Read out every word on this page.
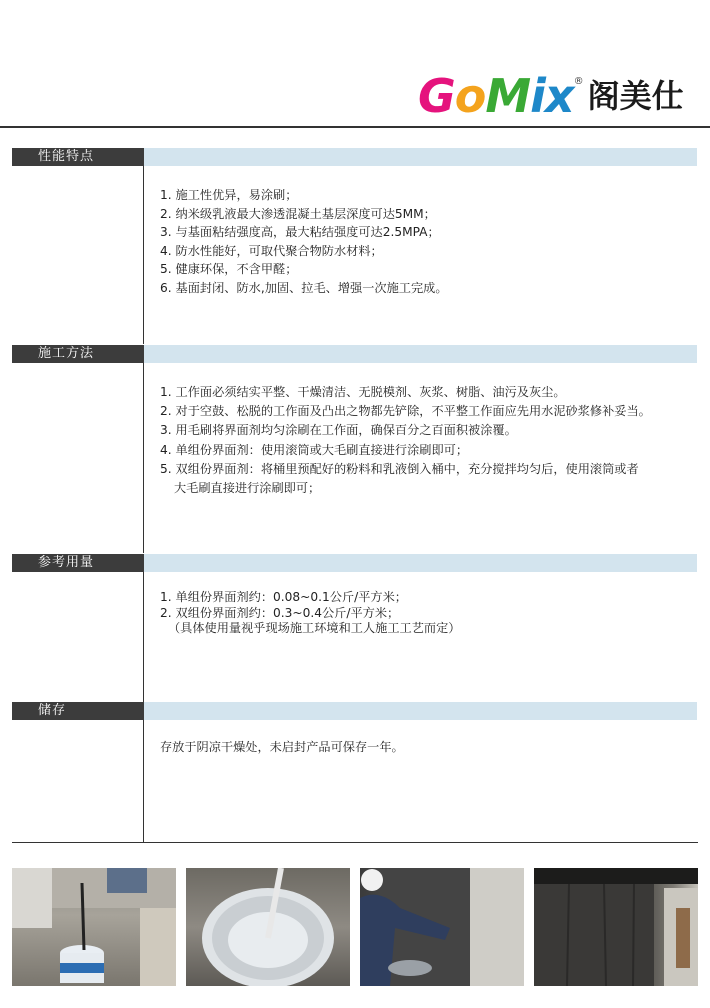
GoMix ® 阁美仕
性能特点
1. 施工性优异，易涂刷；
2. 纳米级乳液最大渗透混凝土基层深度可达5MM；
3. 与基面粘结强度高，最大粘结强度可达2.5MPA；
4. 防水性能好，可取代聚合物防水材料；
5. 健康环保，不含甲醛；
6. 基面封闭、防水,加固、拉毛、增强一次施工完成。
施工方法
1. 工作面必须结实平整、干燥清洁、无脱模剂、灰浆、树脂、油污及灰尘。
2. 对于空鼓、松脱的工作面及凸出之物都先铲除，不平整工作面应先用水泥砂浆修补妥当。
3. 用毛刷将界面剂均匀涂刷在工作面，确保百分之百面积被涂覆。
4. 单组份界面剂：使用滚筒或大毛刷直接进行涂刷即可；
5. 双组份界面剂：将桶里预配好的粉料和乳液倒入桶中，充分搅拌均匀后，使用滚筒或者
大毛刷直接进行涂刷即可；
参考用量
1. 单组份界面剂约：0.08~0.1公斤/平方米；
2. 双组份界面剂约：0.3~0.4公斤/平方米；
（具体使用量视乎现场施工环境和工人施工工艺而定）
储存
存放于阴凉干燥处，未启封产品可保存一年。
